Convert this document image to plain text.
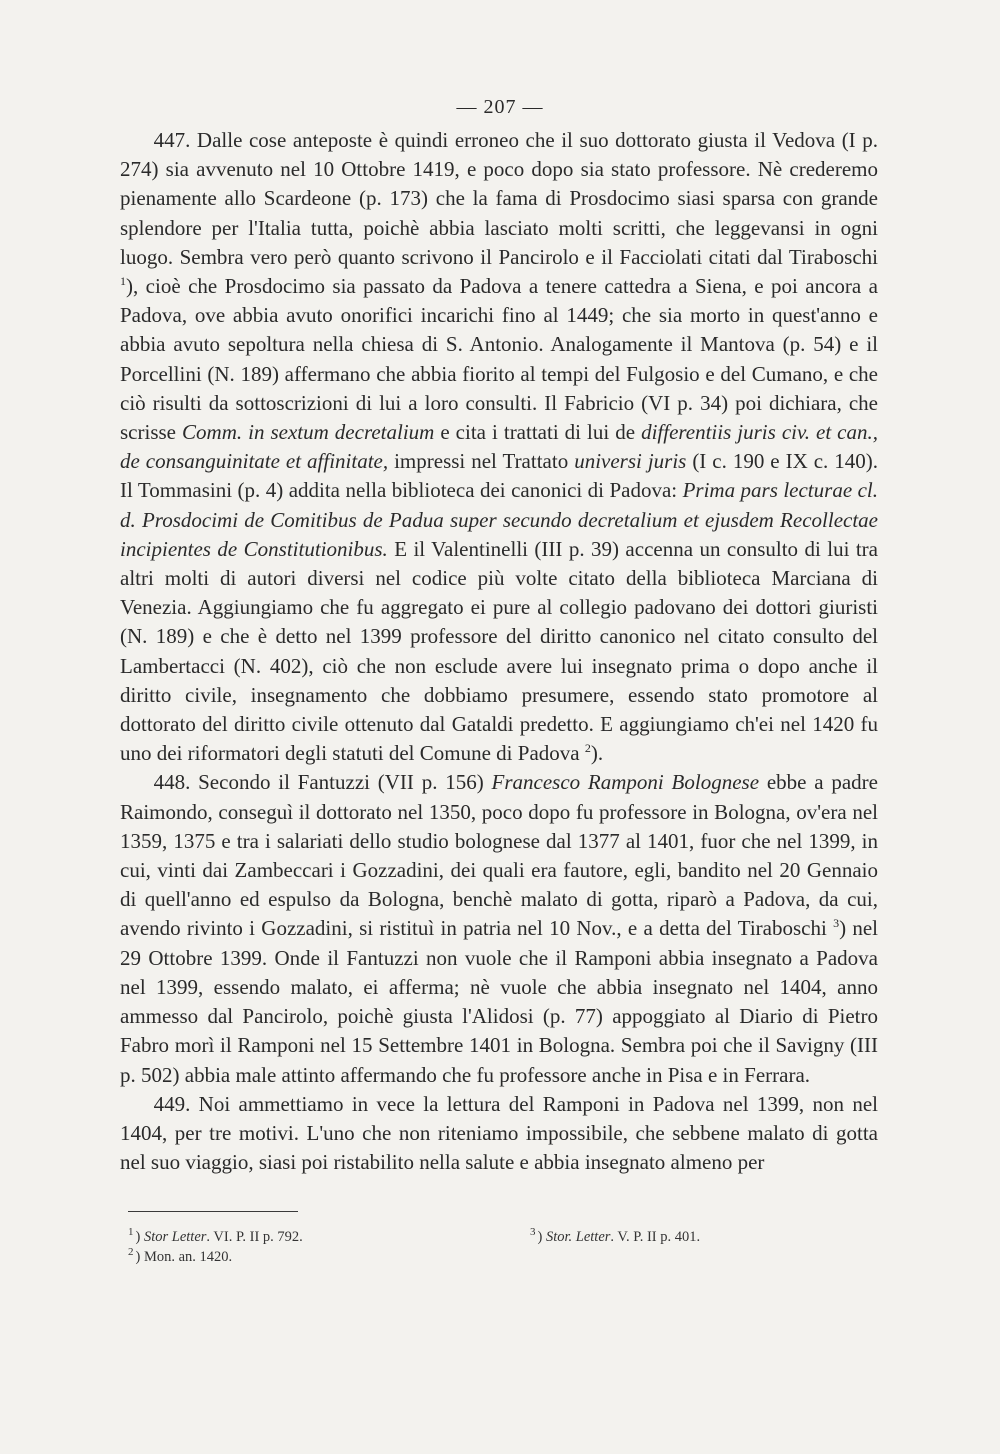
— 207 —

447. Dalle cose anteposte è quindi erroneo che il suo dottorato giusta il Vedova (I p. 274) sia avvenuto nel 10 Ottobre 1419, e poco dopo sia stato professore. Nè crederemo pienamente allo Scardeone (p. 173) che la fama di Prosdocimo siasi sparsa con grande splendore per l'Italia tutta, poichè abbia lasciato molti scritti, che leggevansi in ogni luogo. Sembra vero però quanto scrivono il Pancirolo e il Facciolati citati dal Tiraboschi $^1$), cioè che Prosdocimo sia passato da Padova a tenere cattedra a Siena, e poi ancora a Padova, ove abbia avuto onorifici incarichi fino al 1449; che sia morto in quest'anno e abbia avuto sepoltura nella chiesa di S. Antonio. Analogamente il Mantova (p. 54) e il Porcellini (N. 189) affermano che abbia fiorito al tempi del Fulgosio e del Cumano, e che ciò risulti da sottoscrizioni di lui a loro consulti. Il Fabricio (VI p. 34) poi dichiara, che scrisse Comm. in sextum decretalium e cita i trattati di lui de differentiis juris civ. et can., de consanguinitate et affinitate, impressi nel Trattato universi juris (I c. 190 e IX c. 140). Il Tommasini (p. 4) addita nella biblioteca dei canonici di Padova: Prima pars lecturae cl. d. Prosdocimi de Comitibus de Padua super secundo decretalium et ejusdem Recollectae incipientes de Constitutionibus. E il Valentinelli (III p. 39) accenna un consulto di lui tra altri molti di autori diversi nel codice più volte citato della biblioteca Marciana di Venezia. Aggiungiamo che fu aggregato ei pure al collegio padovano dei dottori giuristi (N. 189) e che è detto nel 1399 professore del diritto canonico nel citato consulto del Lambertacci (N. 402), ciò che non esclude avere lui insegnato prima o dopo anche il diritto civile, insegnamento che dobbiamo presumere, essendo stato promotore al dottorato del diritto civile ottenuto dal Gataldi predetto. E aggiungiamo ch'ei nel 1420 fu uno dei riformatori degli statuti del Comune di Padova $^2$).

448. Secondo il Fantuzzi (VII p. 156) Francesco Ramponi Bolognese ebbe a padre Raimondo, conseguì il dottorato nel 1350, poco dopo fu professore in Bologna, ov'era nel 1359, 1375 e tra i salariati dello studio bolognese dal 1377 al 1401, fuor che nel 1399, in cui, vinti dai Zambeccari i Gozzadini, dei quali era fautore, egli, bandito nel 20 Gennaio di quell'anno ed espulso da Bologna, benchè malato di gotta, riparò a Padova, da cui, avendo rivinto i Gozzadini, si ristituì in patria nel 10 Nov., e a detta del Tiraboschi $^3$) nel 29 Ottobre 1399. Onde il Fantuzzi non vuole che il Ramponi abbia insegnato a Padova nel 1399, essendo malato, ei afferma; nè vuole che abbia insegnato nel 1404, anno ammesso dal Pancirolo, poichè giusta l'Alidosi (p. 77) appoggiato al Diario di Pietro Fabro morì il Ramponi nel 15 Settembre 1401 in Bologna. Sembra poi che il Savigny (III p. 502) abbia male attinto affermando che fu professore anche in Pisa e in Ferrara.

449. Noi ammettiamo in vece la lettura del Ramponi in Padova nel 1399, non nel 1404, per tre motivi. L'uno che non riteniamo impossibile, che sebbene malato di gotta nel suo viaggio, siasi poi ristabilito nella salute e abbia insegnato almeno per

$^1$ ) Stor Letter. VI. P. II p. 792.
$^2$ ) Mon. an. 1420.
$^3$ ) Stor. Letter. V. P. II p. 401.
